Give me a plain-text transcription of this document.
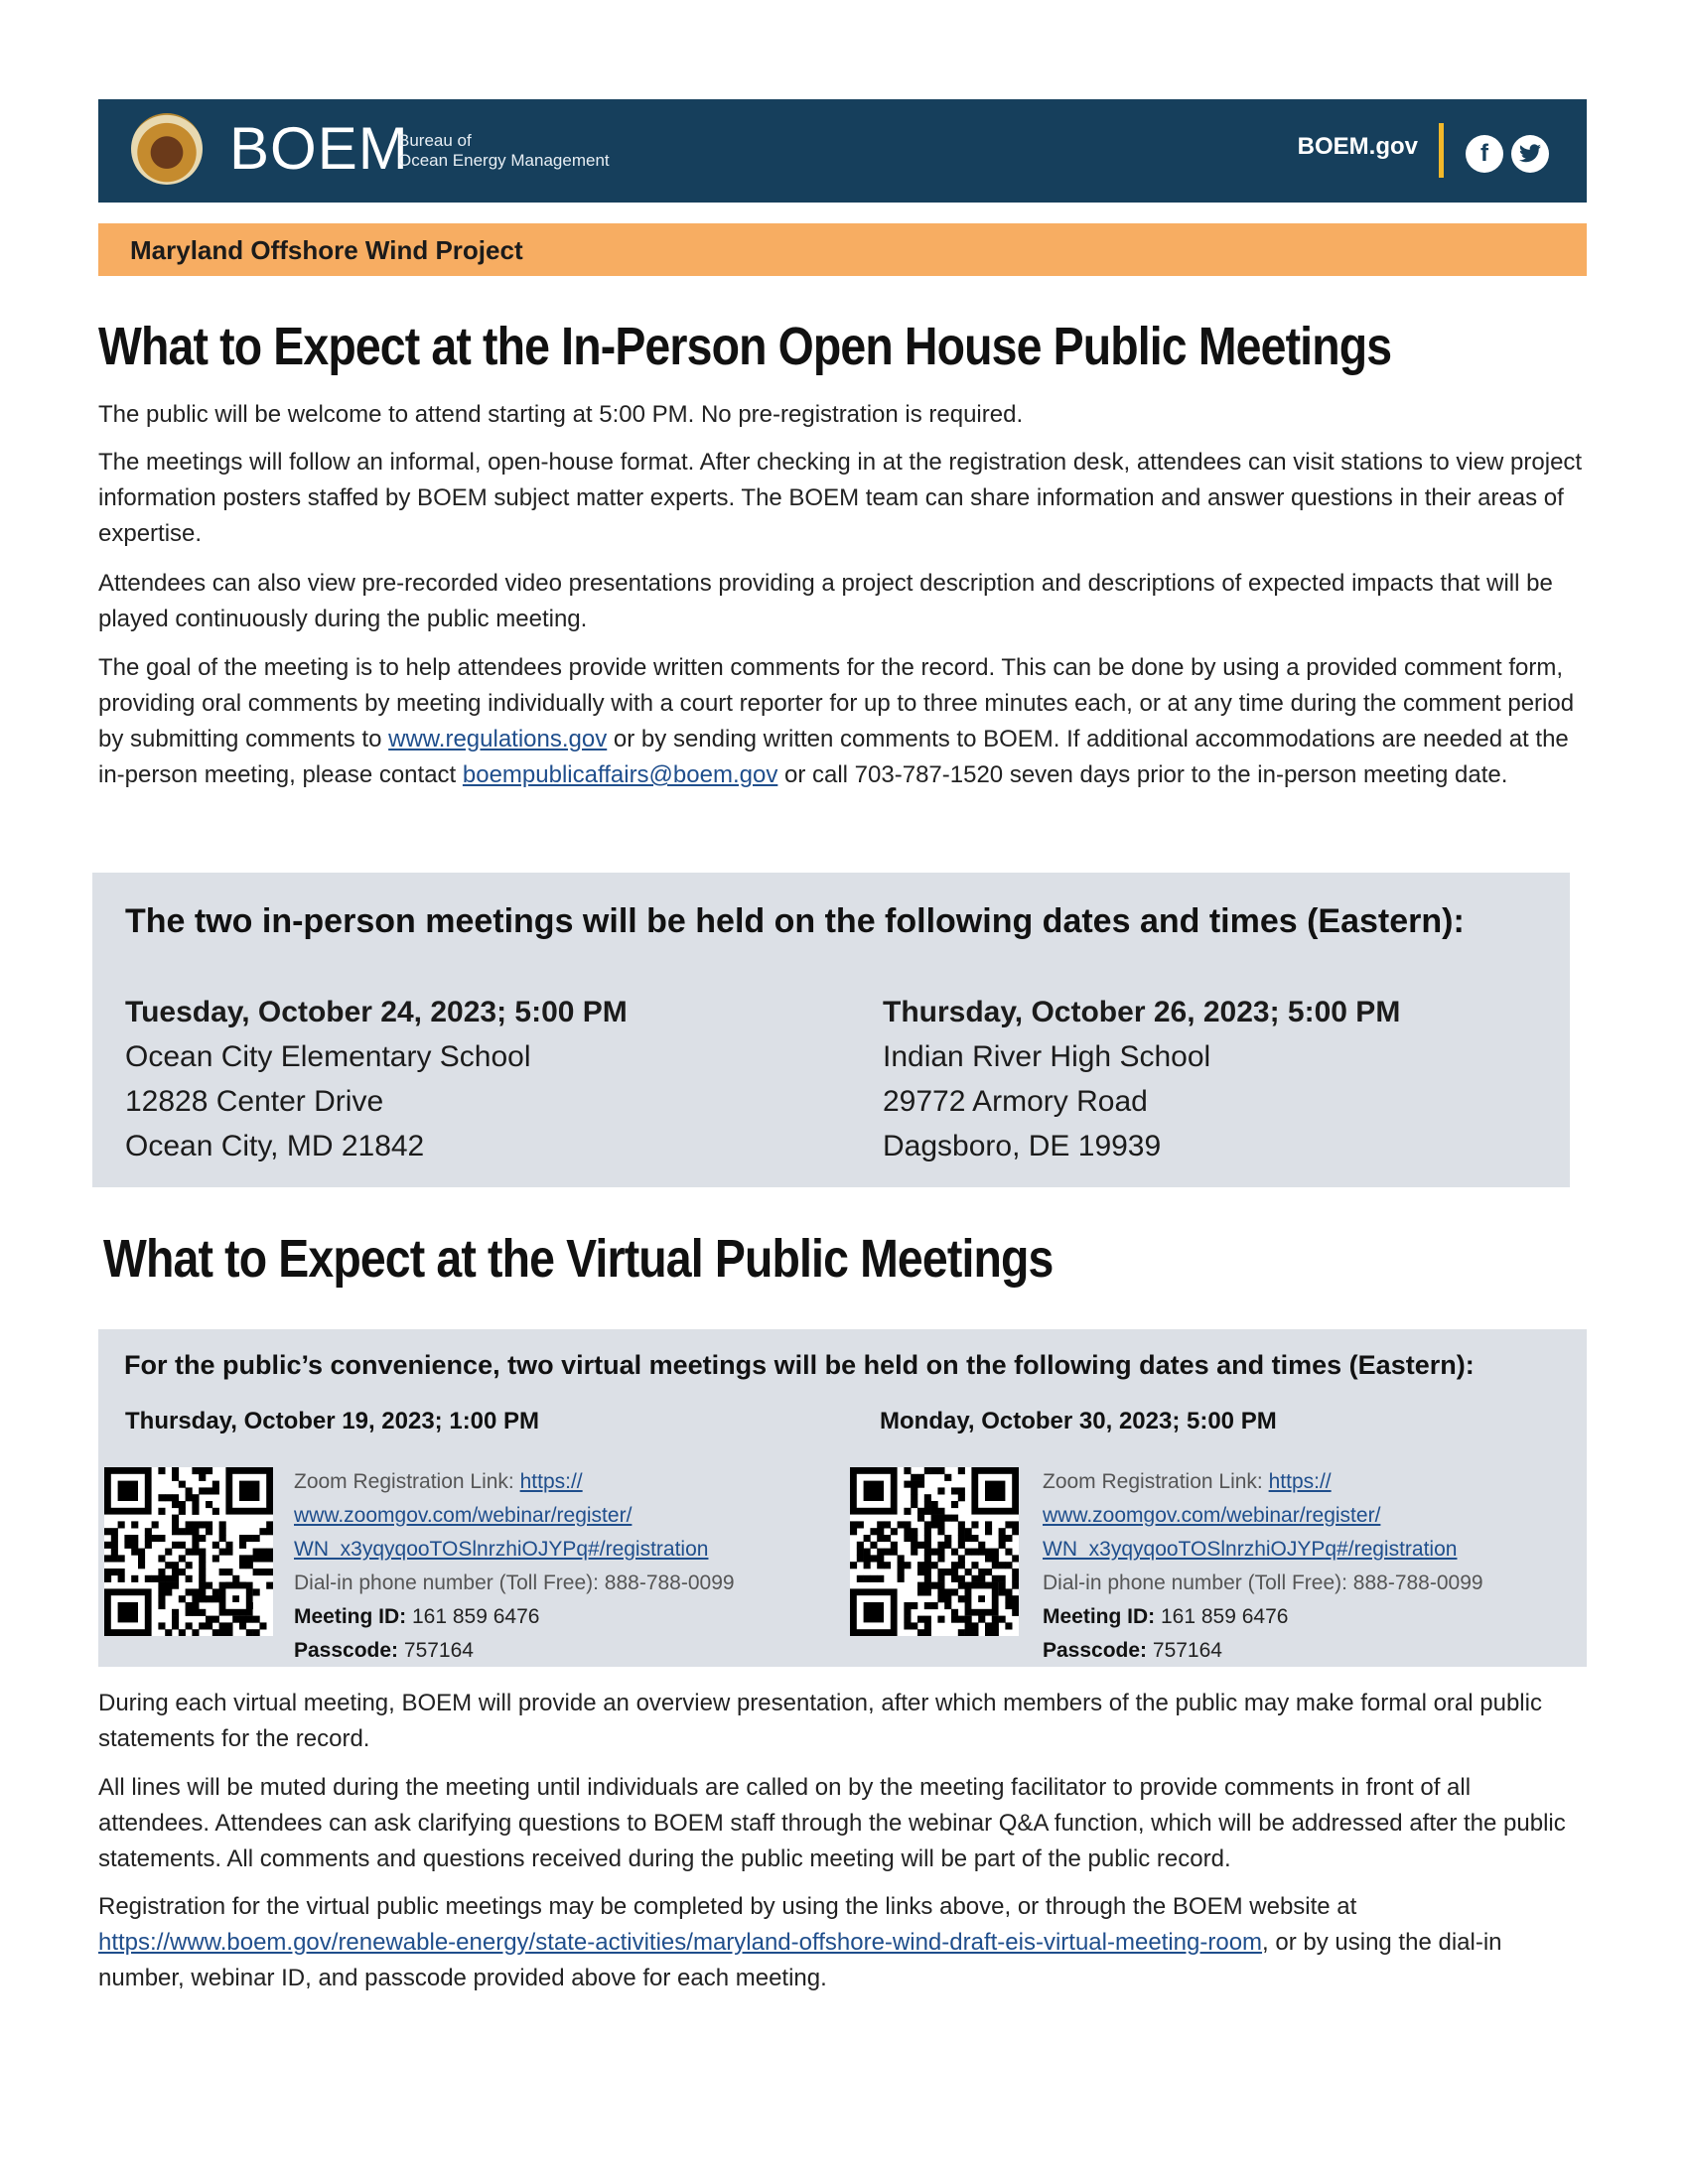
BOEM
Bureau of
Ocean Energy Management
BOEM.gov	f
Maryland Offshore Wind Project
What to Expect at the In-Person Open House Public Meetings
The public will be welcome to attend starting at 5:00 PM. No pre-registration is required.
The meetings will follow an informal, open-house format. After checking in at the registration desk, attendees can visit stations to view project information posters staffed by BOEM subject matter experts. The BOEM team can share information and answer questions in their areas of expertise.
Attendees can also view pre-recorded video presentations providing a project description and descriptions of expected impacts that will be played continuously during the public meeting.
The goal of the meeting is to help attendees provide written comments for the record. This can be done by using a provided comment form, providing oral comments by meeting individually with a court reporter for up to three minutes each, or at any time during the comment period by submitting comments to www.regulations.gov or by sending written comments to BOEM. If additional accommodations are needed at the in-person meeting, please contact boempublicaffairs@boem.gov or call 703-787-1520 seven days prior to the in-person meeting date.
The two in-person meetings will be held on the following dates and times (Eastern):
Tuesday, October 24, 2023; 5:00 PM
Ocean City Elementary School
12828 Center Drive
Ocean City, MD 21842
Thursday, October 26, 2023; 5:00 PM
Indian River High School
29772 Armory Road
Dagsboro, DE 19939
What to Expect at the Virtual Public Meetings
For the public’s convenience, two virtual meetings will be held on the following dates and times (Eastern):
Thursday, October 19, 2023; 1:00 PM	Monday, October 30, 2023; 5:00 PM
Zoom Registration Link: https://
www.zoomgov.com/webinar/register/
WN_x3yqyqooTOSlnrzhiOJYPq#/registration
Dial-in phone number (Toll Free): 888-788-0099
Meeting ID: 161 859 6476
Passcode: 757164
Zoom Registration Link: https://
www.zoomgov.com/webinar/register/
WN_x3yqyqooTOSlnrzhiOJYPq#/registration
Dial-in phone number (Toll Free): 888-788-0099
Meeting ID: 161 859 6476
Passcode: 757164
During each virtual meeting, BOEM will provide an overview presentation, after which members of the public may make formal oral public statements for the record.
All lines will be muted during the meeting until individuals are called on by the meeting facilitator to provide comments in front of all attendees. Attendees can ask clarifying questions to BOEM staff through the webinar Q&A function, which will be addressed after the public statements. All comments and questions received during the public meeting will be part of the public record.
Registration for the virtual public meetings may be completed by using the links above, or through the BOEM website at https://www.boem.gov/renewable-energy/state-activities/maryland-offshore-wind-draft-eis-virtual-meeting-room, or by using the dial-in number, webinar ID, and passcode provided above for each meeting.
